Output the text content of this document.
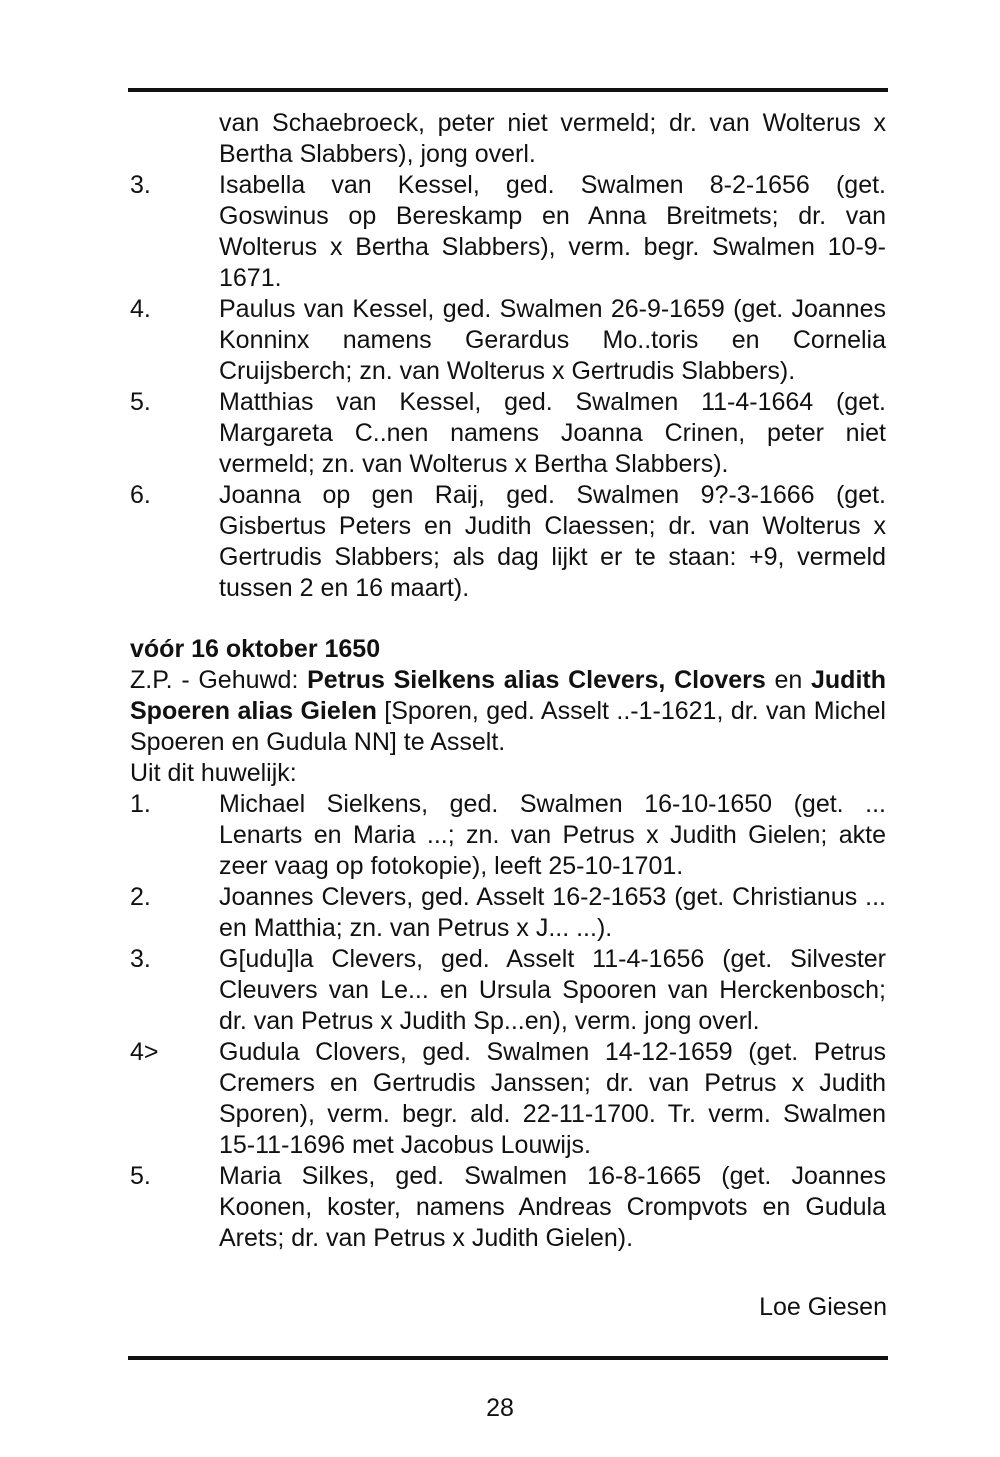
van Schaebroeck, peter niet vermeld; dr. van Wolterus x Bertha Slabbers), jong overl.
3.	Isabella van Kessel, ged. Swalmen 8-2-1656 (get. Goswinus op Bereskamp en Anna Breitmets; dr. van Wolterus x Bertha Slabbers), verm. begr. Swalmen 10-9-1671.
4.	Paulus van Kessel, ged. Swalmen 26-9-1659 (get. Joannes Konninx namens Gerardus Mo..toris en Cornelia Cruijsberch; zn. van Wolterus x Gertrudis Slabbers).
5.	Matthias van Kessel, ged. Swalmen 11-4-1664 (get. Margareta C..nen namens Joanna Crinen, peter niet vermeld; zn. van Wolterus x Bertha Slabbers).
6.	Joanna op gen Raij, ged. Swalmen 9?-3-1666 (get. Gisbertus Peters en Judith Claessen; dr. van Wolterus x Gertrudis Slabbers; als dag lijkt er te staan: +9, vermeld tussen 2 en 16 maart).
vóór 16 oktober 1650
Z.P. - Gehuwd: Petrus Sielkens alias Clevers, Clovers en Judith Spoeren alias Gielen [Sporen, ged. Asselt ..-1-1621, dr. van Michel Spoeren en Gudula NN] te Asselt.
Uit dit huwelijk:
1.	Michael Sielkens, ged. Swalmen 16-10-1650 (get. ... Lenarts en Maria ...; zn. van Petrus x Judith Gielen; akte zeer vaag op fotokopie), leeft 25-10-1701.
2.	Joannes Clevers, ged. Asselt 16-2-1653 (get. Christianus ... en Matthia; zn. van Petrus x J... ...).
3.	G[udu]la Clevers, ged. Asselt 11-4-1656 (get. Silvester Cleuvers van Le... en Ursula Spooren van Herckenbosch; dr. van Petrus x Judith Sp...en), verm. jong overl.
4> Gudula Clovers, ged. Swalmen 14-12-1659 (get. Petrus Cremers en Gertrudis Janssen; dr. van Petrus x Judith Sporen), verm. begr. ald. 22-11-1700. Tr. verm. Swalmen 15-11-1696 met Jacobus Louwijs.
5.	Maria Silkes, ged. Swalmen 16-8-1665 (get. Joannes Koonen, koster, namens Andreas Crompvots en Gudula Arets; dr. van Petrus x Judith Gielen).
Loe Giesen
28
